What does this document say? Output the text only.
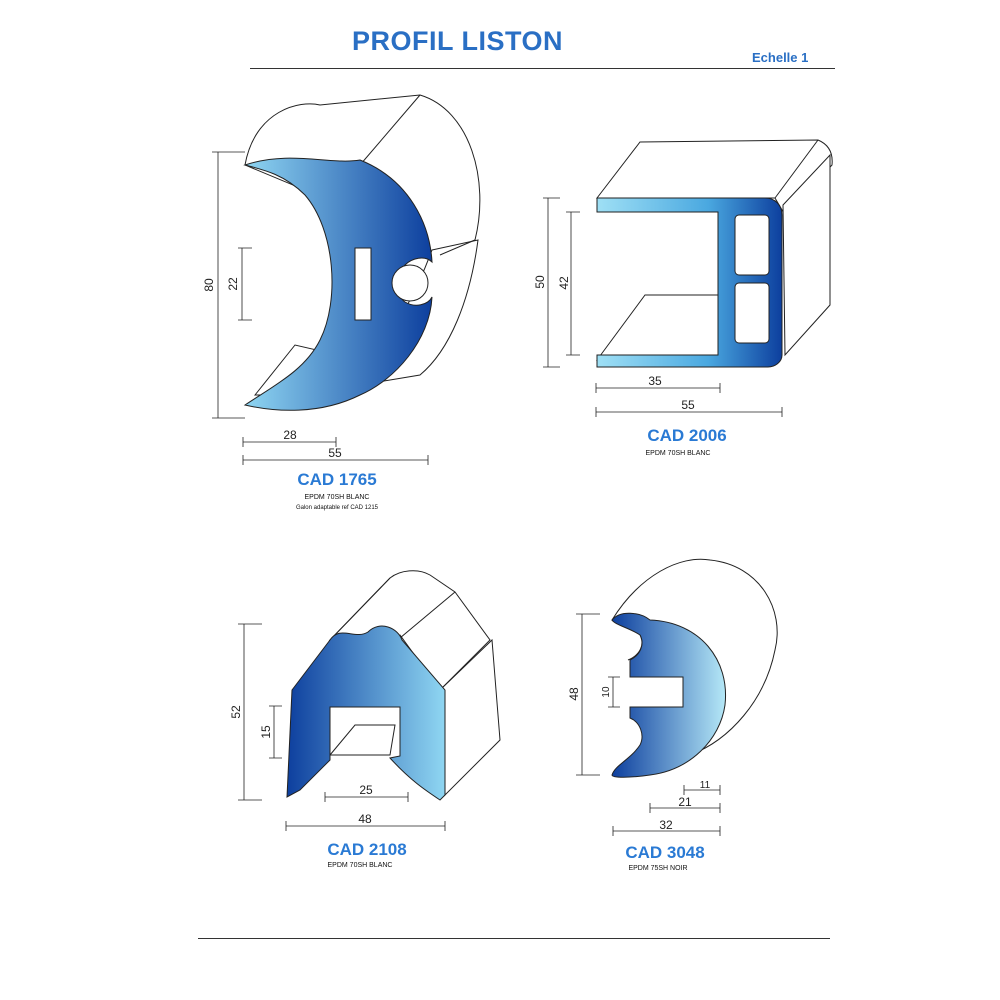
PROFIL LISTON
Echelle 1
80 22
28
55
50 42
35
55
52
15
25
48
48 10
11
21
32
CAD 1765
EPDM 70SH BLANC
Galon adaptable ref CAD 1215
CAD 2006
EPDM 70SH BLANC
CAD 2108
EPDM 70SH BLANC
CAD 3048
EPDM 75SH NOIR
